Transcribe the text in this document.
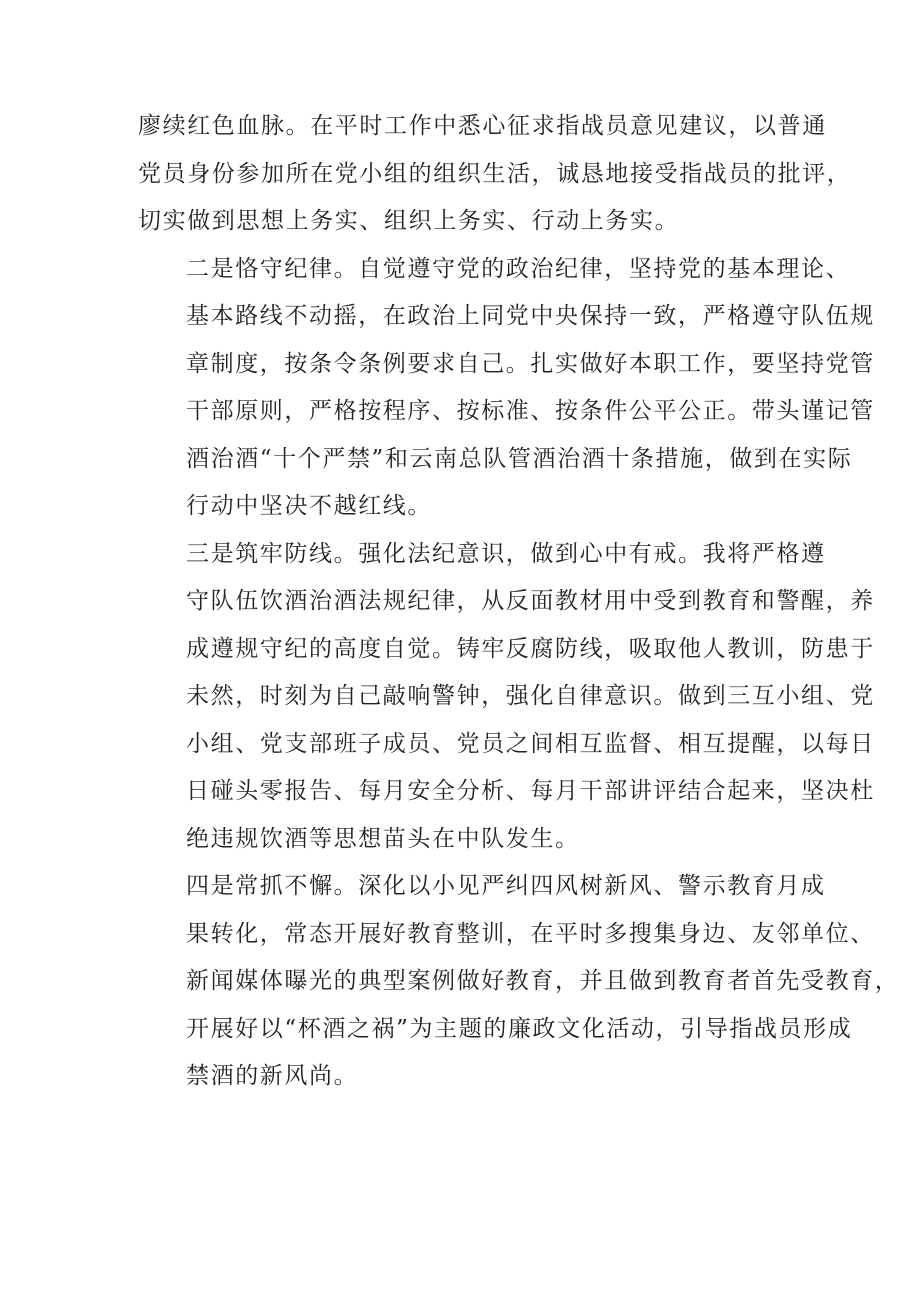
廖续红色血脉。在平时工作中悉心征求指战员意见建议，以普通
党员身份参加所在党小组的组织生活，诚恳地接受指战员的批评，
切实做到思想上务实、组织上务实、行动上务实。
二是恪守纪律。自觉遵守党的政治纪律，坚持党的基本理论、
基本路线不动摇，在政治上同党中央保持一致，严格遵守队伍规
章制度，按条令条例要求自己。扎实做好本职工作，要坚持党管
干部原则，严格按程序、按标准、按条件公平公正。带头谨记管
酒治酒“十个严禁”和云南总队管酒治酒十条措施，做到在实际
行动中坚决不越红线。
三是筑牢防线。强化法纪意识，做到心中有戒。我将严格遵
守队伍饮酒治酒法规纪律，从反面教材用中受到教育和警醒，养
成遵规守纪的高度自觉。铸牢反腐防线，吸取他人教训，防患于
未然，时刻为自己敲响警钟，强化自律意识。做到三互小组、党
小组、党支部班子成员、党员之间相互监督、相互提醒，以每日
日碰头零报告、每月安全分析、每月干部讲评结合起来，坚决杜
绝违规饮酒等思想苗头在中队发生。
四是常抓不懈。深化以小见严纠四风树新风、警示教育月成
果转化，常态开展好教育整训，在平时多搜集身边、友邻单位、
新闻媒体曝光的典型案例做好教育，并且做到教育者首先受教育，
开展好以“杯酒之祸”为主题的廉政文化活动，引导指战员形成
禁酒的新风尚。
